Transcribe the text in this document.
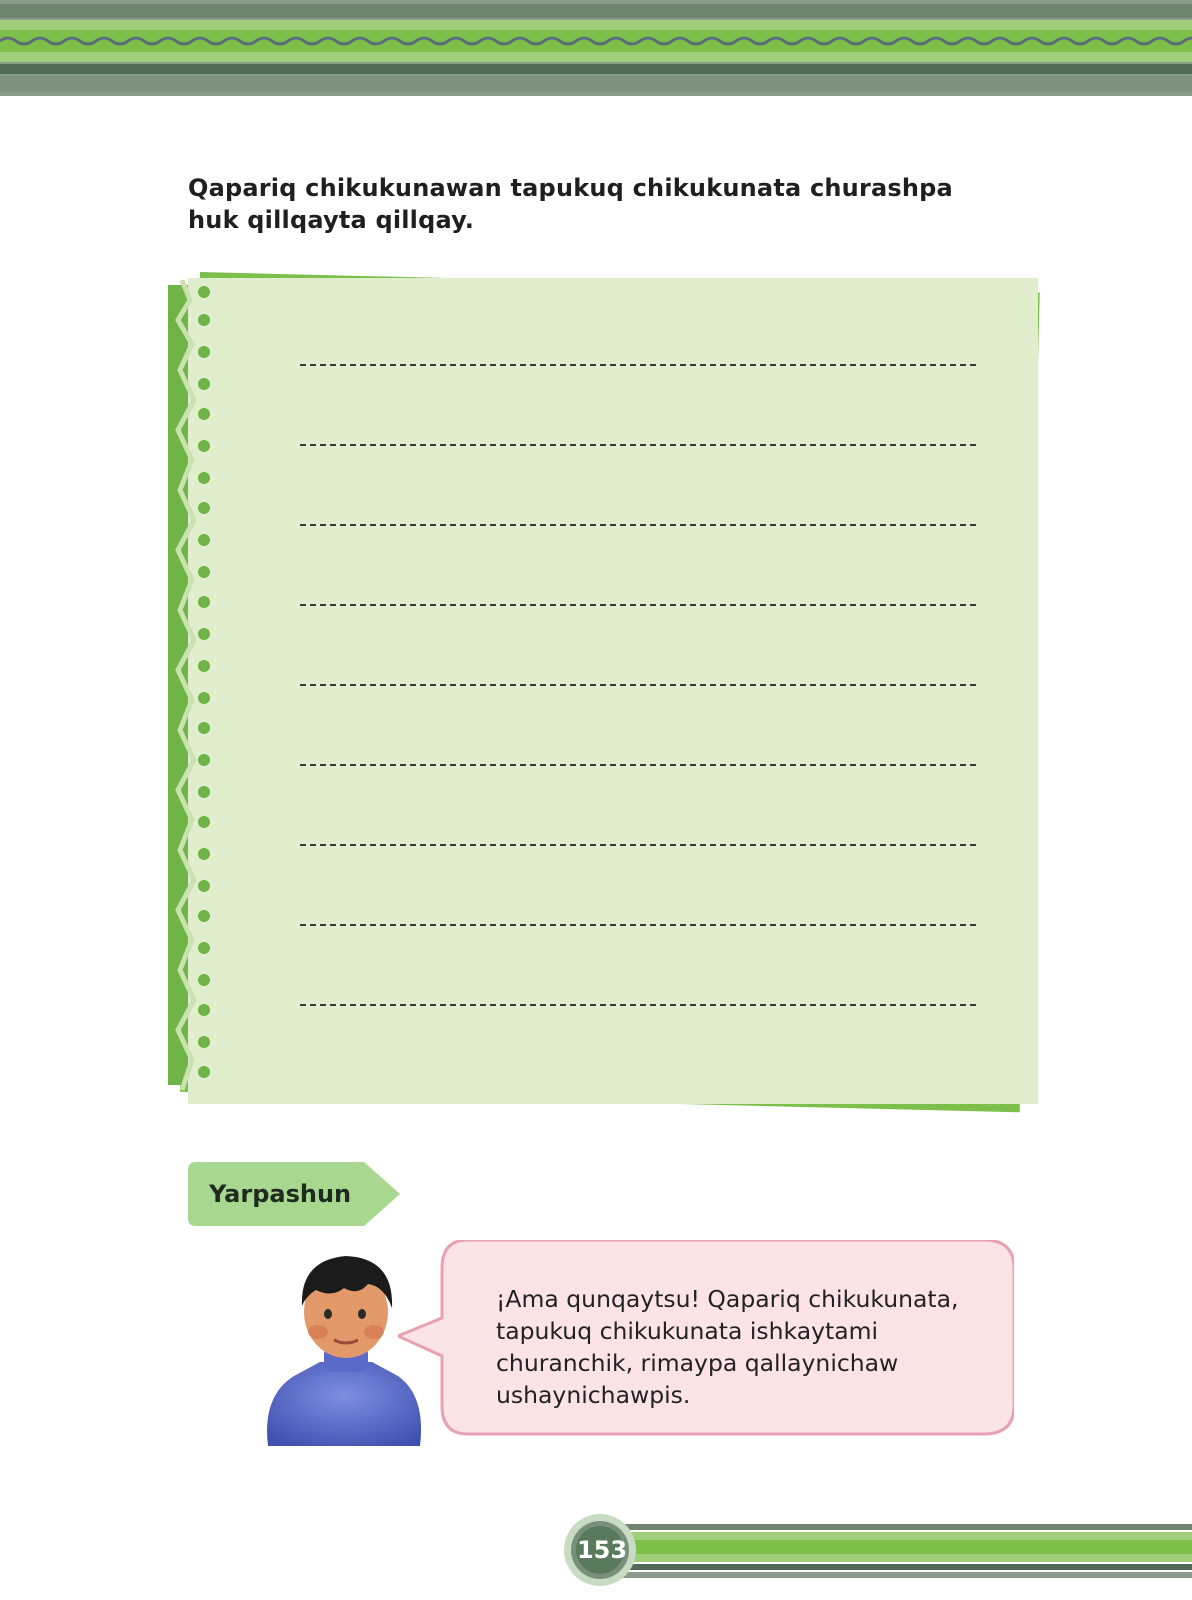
Qapariq chikukunawan tapukuq chikukunata churashpa huk qillqayta qillqay.
Yarpashun
¡Ama qunqaytsu! Qapariq chikukunata, tapukuq chikukunata ishkaytami churanchik, rimaypa qallaynichaw ushaynichawpis.
153
